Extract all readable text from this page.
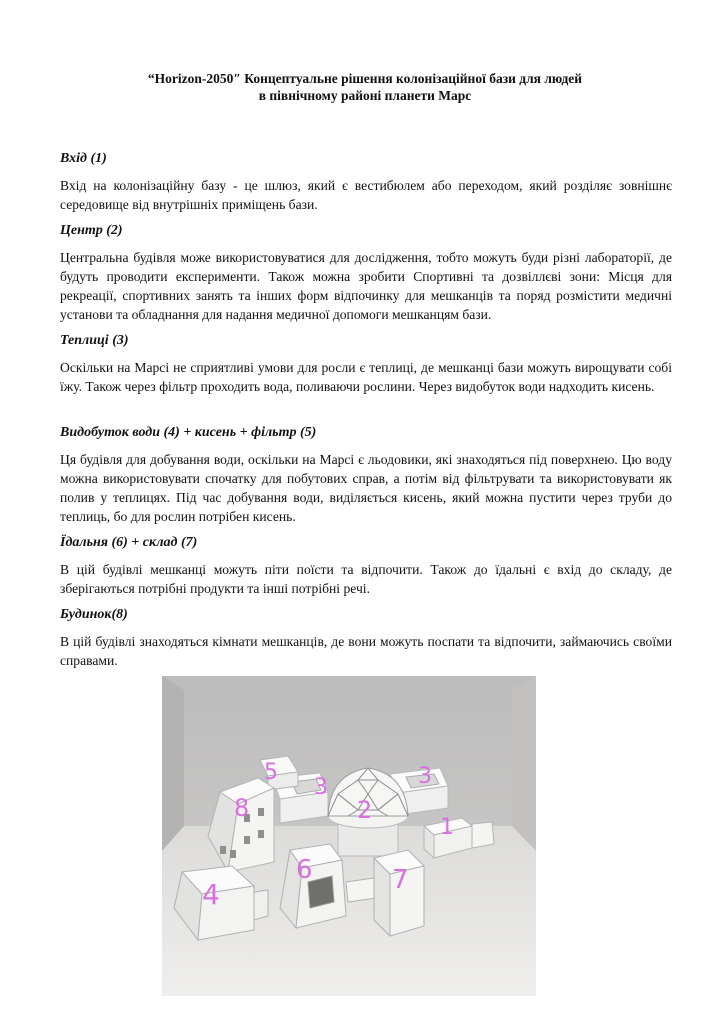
“Horizon-2050″ Концептуальне рішення колонізаційної бази для людей
в північному районі планети Марс
Вхід (1)
Вхід на колонізаційну базу - це шлюз, який є вестибюлем або переходом, який розділяє зовнішнє середовище від внутрішніх приміщень бази.
Центр (2)
Центральна будівля може використовуватися для дослідження, тобто можуть буди різні лабораторії, де будуть проводити експерименти. Також можна зробити Спортивні та дозвіллєві зони: Місця для рекреації, спортивних занять та інших форм відпочинку для мешканців та поряд розмістити медичні установи та обладнання для надання медичної допомоги мешканцям бази.
Теплиці (3)
Оскільки на Марсі не сприятливі умови для росли є теплиці, де мешканці бази можуть вирощувати собі їжу. Також через фільтр проходить вода, поливаючи рослини. Через видобуток води надходить кисень.
Видобуток води (4) + кисень + фільтр (5)
Ця будівля для добування води, оскільки на Марсі є льодовики, які знаходяться під поверхнею. Цю воду можна використовувати спочатку для побутових справ, а потім від фільтрувати та використовувати як полив у теплицях. Під час добування води, виділяється кисень, який можна пустити через труби до теплиць, бо для рослин потрібен кисень.
Їдальня (6) + склад (7)
В цій будівлі мешканці можуть піти поїсти та відпочити. Також до їдальні є вхід до складу, де зберігаються потрібні продукти та інші потрібні речі.
Будинок(8)
В цій будівлі знаходяться кімнати мешканців, де вони можуть поспати та відпочити, займаючись своїми справами.
1
2
3	3
4
5
6	7
8
